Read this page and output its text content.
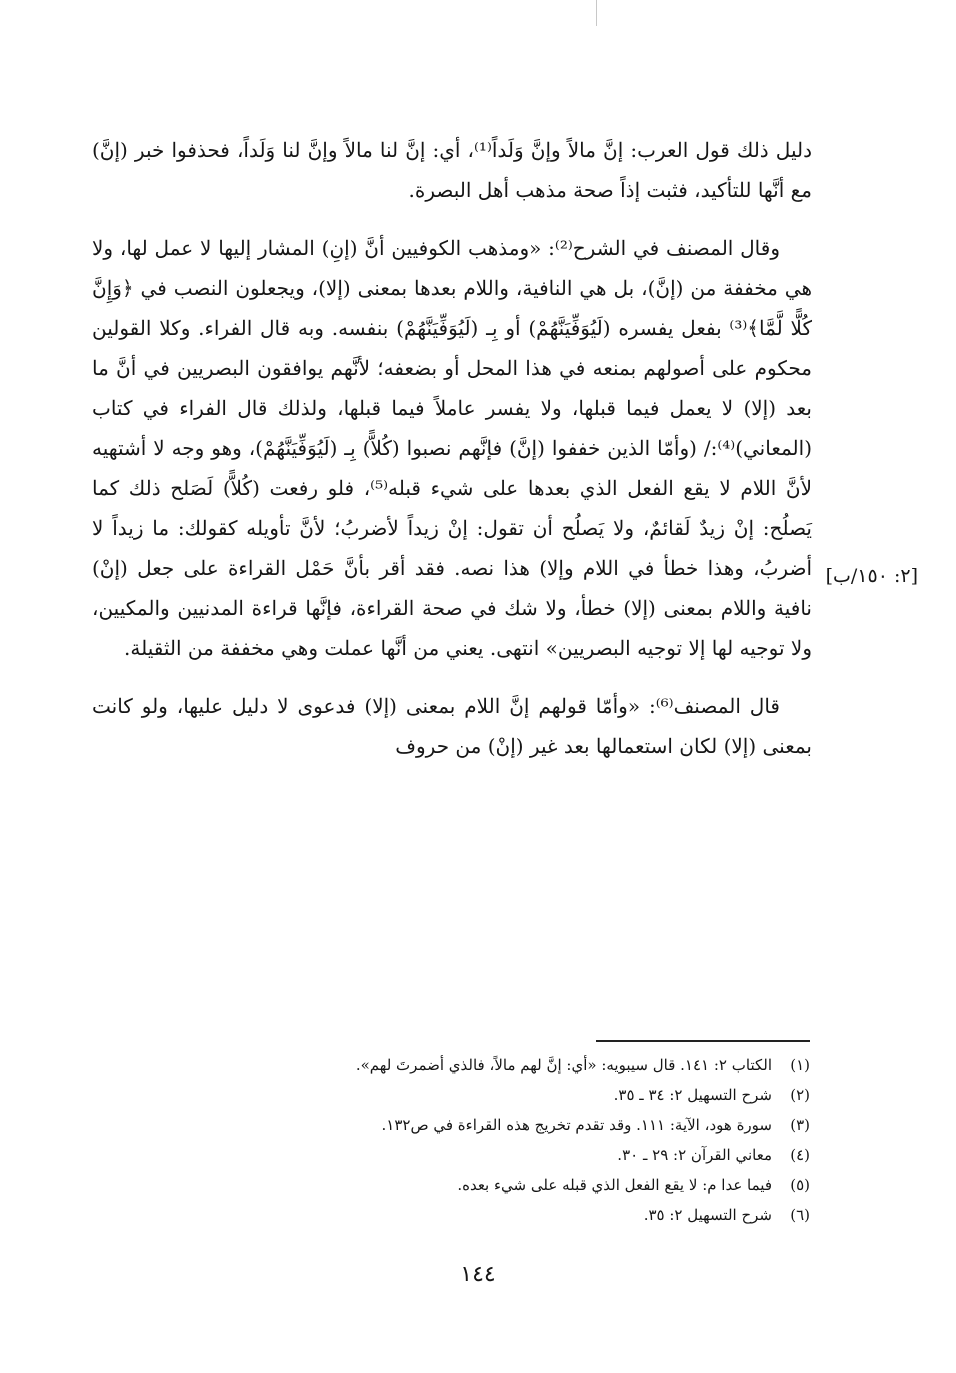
دليل ذلك قول العرب: إنَّ مالاً وإنَّ وَلَداً⁽¹⁾، أي: إنَّ لنا مالاً وإنَّ لنا وَلَداً، فحذفوا خبر (إنَّ) مع أنَّها للتأكيد، فثبت إذاً صحة مذهب أهل البصرة.

وقال المصنف في الشرح⁽²⁾: «ومذهب الكوفيين أنَّ (إنِ) المشار إليها لا عمل لها، ولا هي مخففة من (إنَّ)، بل هي النافية، واللام بعدها بمعنى (إلا)، ويجعلون النصب في ﴿وَإِنَّ كُلًّا لَّمَّا﴾⁽³⁾ بفعل يفسره (لَيُوَفِّيَنَّهُمْ) أو بِـ (لَيُوَفِّيَنَّهُمْ) بنفسه. وبه قال الفراء. وكلا القولين محكوم على أصولهم بمنعه في هذا المحل أو بضعفه؛ لأنَّهم يوافقون البصريين في أنَّ ما بعد (إلا) لا يعمل فيما قبلها، ولا يفسر عاملاً فيما قبلها، ولذلك قال الفراء في كتاب (المعاني)⁽⁴⁾:/ (وأمّا الذين خففوا (إنَّ) فإنَّهم نصبوا (كُلاًّ) بِـ (لَيُوَفِّيَنَّهُمْ)، وهو وجه لا أشتهيه لأنَّ اللام لا يقع الفعل الذي بعدها على شيء قبله⁽⁵⁾، فلو رفعت (كُلاًّ) لَصَلح ذلك كما يَصلُح: إنْ زيدٌ لَقائمٌ، ولا يَصلُح أن تقول: إنْ زيداً لأضربُ؛ لأنَّ تأويله كقولك: ما زيداً لا أضربُ، وهذا خطأ في اللام وإلا) هذا نصه. فقد أقر بأنَّ حَمْل القراءة على جعل (إنْ) نافية واللام بمعنى (إلا) خطأ، ولا شك في صحة القراءة، فإنَّها قراءة المدنيين والمكيين، ولا توجيه لها إلا توجيه البصريين» انتهى. يعني من أنَّها عملت وهي مخففة من الثقيلة.

قال المصنف⁽⁶⁾: «وأمّا قولهم إنَّ اللام بمعنى (إلا) فدعوى لا دليل عليها، ولو كانت بمعنى (إلا) لكان استعمالها بعد غير (إنْ) من حروف

[٢: ١٥٠/ب]
(١)
الكتاب ٢: ١٤١. قال سيبويه: «أي: إنَّ لهم مالاً، فالذي أضمرتَ لهم».
(٢)
شرح التسهيل ٢: ٣٤ ـ ٣٥.
(٣)
سورة هود، الآية: ١١١. وقد تقدم تخريج هذه القراءة في ص١٣٢.
(٤)
معاني القرآن ٢: ٢٩ ـ ٣٠.
(٥)
فيما عدا م: لا يقع الفعل الذي قبله على شيء بعده.
(٦)
شرح التسهيل ٢: ٣٥.
١٤٤
